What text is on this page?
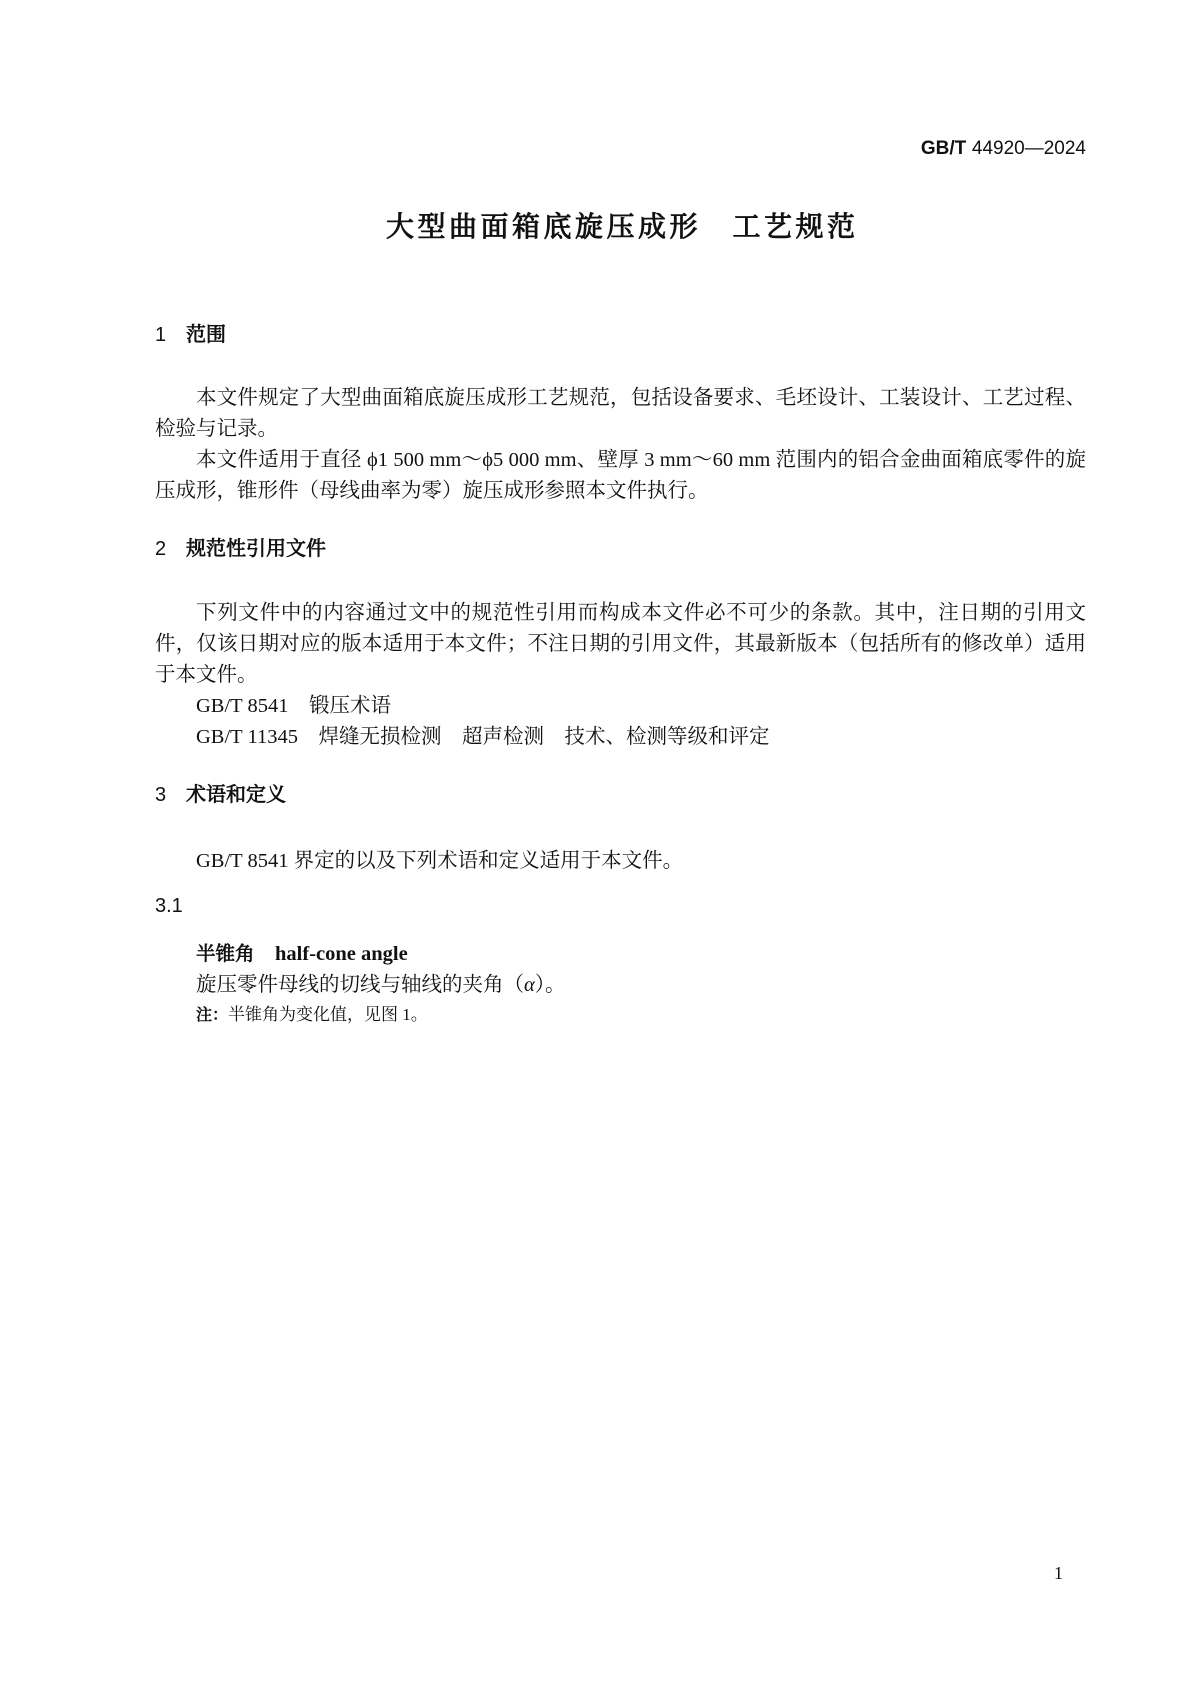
GB/T 44920—2024
大型曲面箱底旋压成形　工艺规范
1 范围
本文件规定了大型曲面箱底旋压成形工艺规范，包括设备要求、毛坯设计、工装设计、工艺过程、
检验与记录。
本文件适用于直径 ϕ1 500 mm～ϕ5 000 mm、壁厚 3 mm～60 mm 范围内的铝合金曲面箱底零件的旋
压成形，锥形件（母线曲率为零）旋压成形参照本文件执行。
2 规范性引用文件
下列文件中的内容通过文中的规范性引用而构成本文件必不可少的条款。其中，注日期的引用文
件，仅该日期对应的版本适用于本文件；不注日期的引用文件，其最新版本（包括所有的修改单）适用
于本文件。
GB/T 8541 锻压术语
GB/T 11345 焊缝无损检测　超声检测　技术、检测等级和评定
3 术语和定义
GB/T 8541 界定的以及下列术语和定义适用于本文件。
3.1
半锥角 half-cone angle
旋压零件母线的切线与轴线的夹角（α）。
注：半锥角为变化值，见图 1。
1
